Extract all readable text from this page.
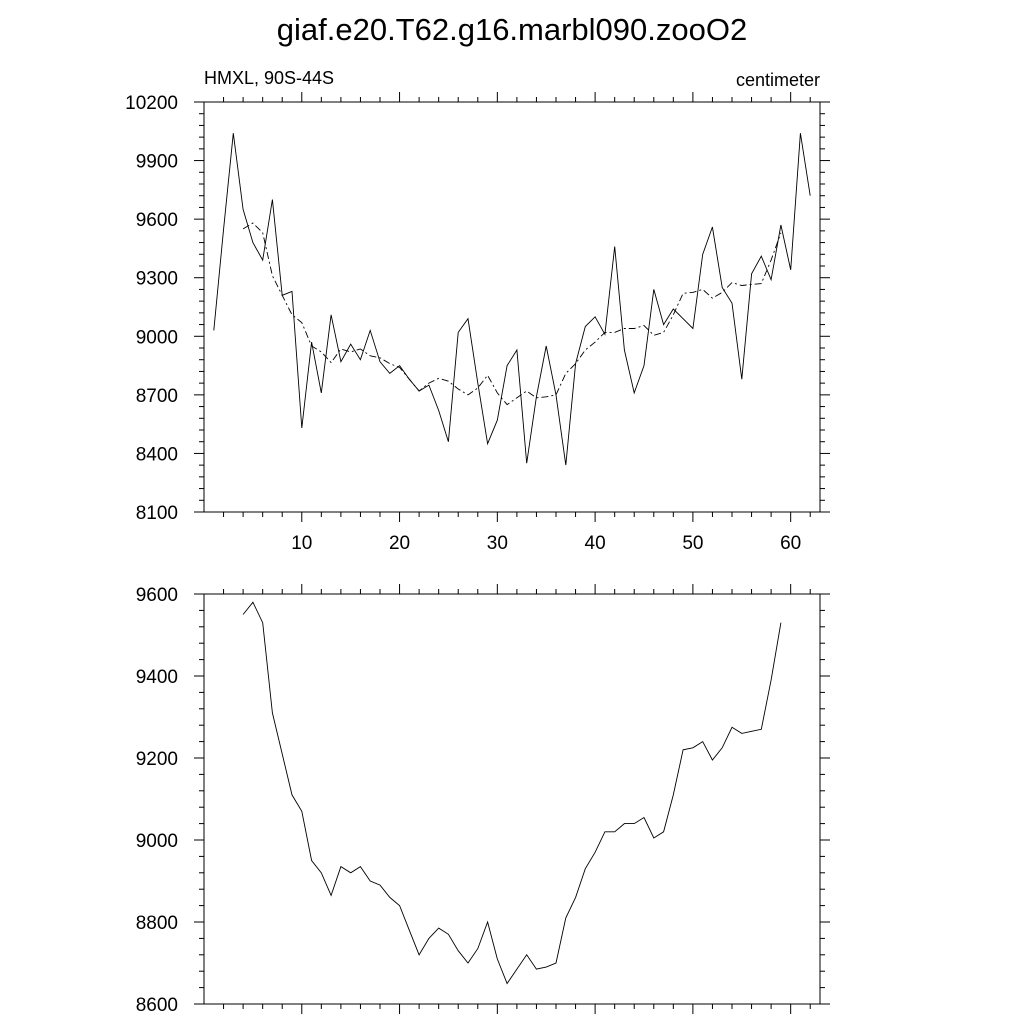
giaf.e20.T62.g16.marbl090.zooO2
HMXL, 90S-44S	centimeter
10	20	30	40	50	60
8100
8400
8700
9000
9300
9600
9900
10200
8600
8800
9000
9200
9400
9600
